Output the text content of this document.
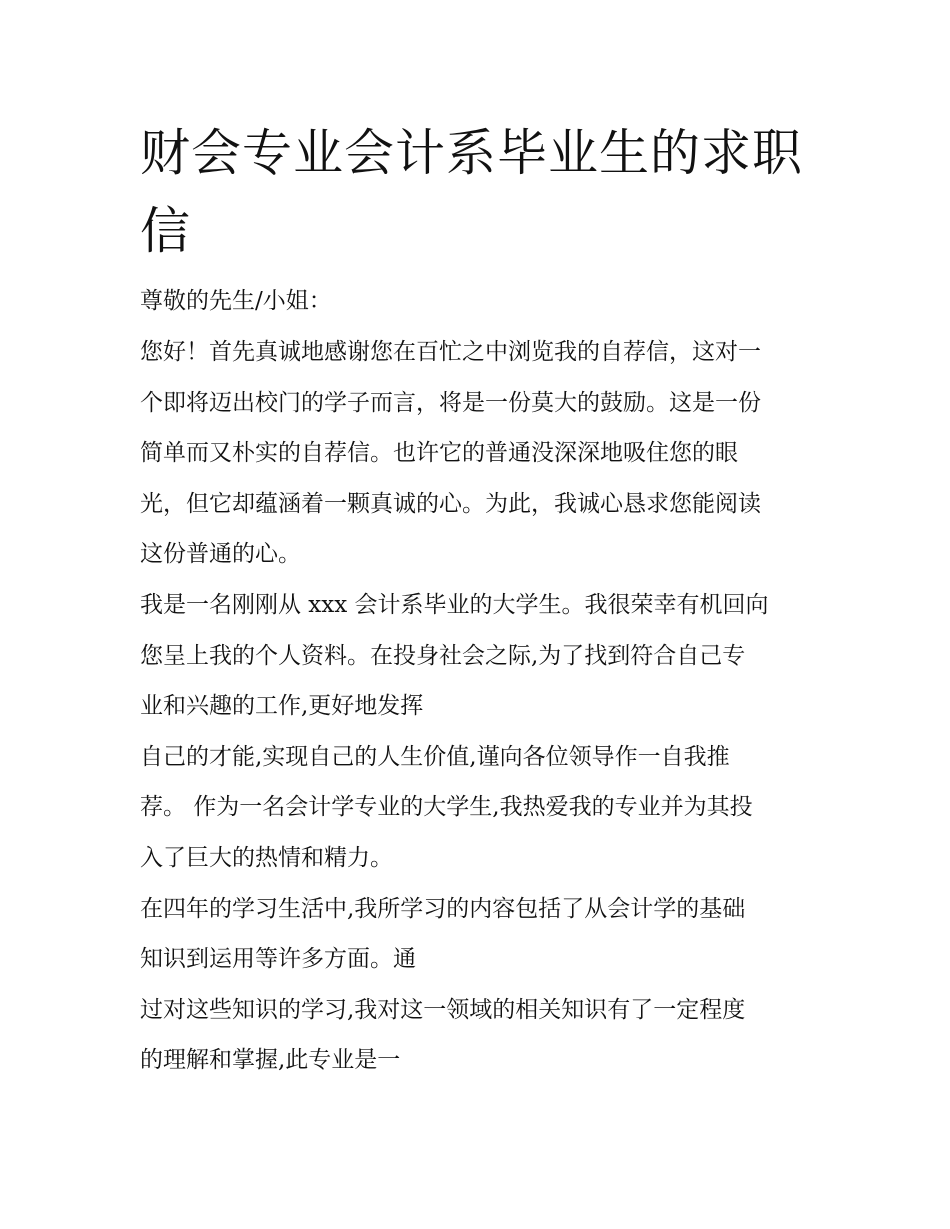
财会专业会计系毕业生的求职信

尊敬的先生/小姐：

您好！首先真诚地感谢您在百忙之中浏览我的自荐信，这对一

个即将迈出校门的学子而言，将是一份莫大的鼓励。这是一份

简单而又朴实的自荐信。也许它的普通没深深地吸住您的眼

光，但它却蕴涵着一颗真诚的心。为此，我诚心恳求您能阅读

这份普通的心。

我是一名刚刚从 xxx 会计系毕业的大学生。我很荣幸有机回向

您呈上我的个人资料。在投身社会之际,为了找到符合自己专

业和兴趣的工作,更好地发挥

自己的才能,实现自己的人生价值,谨向各位领导作一自我推

荐。 作为一名会计学专业的大学生,我热爱我的专业并为其投

入了巨大的热情和精力。

在四年的学习生活中,我所学习的内容包括了从会计学的基础

知识到运用等许多方面。通

过对这些知识的学习,我对这一领域的相关知识有了一定程度

的理解和掌握,此专业是一
